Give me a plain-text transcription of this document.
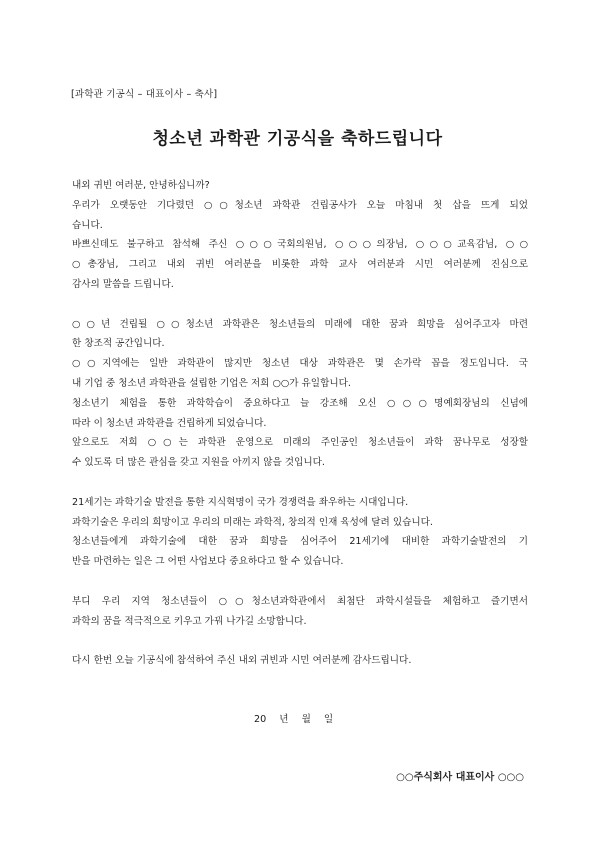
[과학관 기공식 – 대표이사 – 축사]
청소년 과학관 기공식을 축하드립니다
내외 귀빈 여러분, 안녕하십니까?
우리가 오랫동안 기다렸던 ○○청소년 과학관 건립공사가 오늘 마침내 첫 삽을 뜨게 되었
습니다.
바쁘신데도 불구하고 참석해 주신 ○○○국회의원님, ○○○의장님, ○○○교육감님, ○○
○총장님, 그리고 내외 귀빈 여러분을 비롯한 과학 교사 여러분과 시민 여러분께 진심으로
감사의 말씀을 드립니다.
○○년 건립될 ○○청소년 과학관은 청소년들의 미래에 대한 꿈과 희망을 심어주고자 마련
한 창조적 공간입니다.
○○지역에는 일반 과학관이 많지만 청소년 대상 과학관은 몇 손가락 꼽을 정도입니다. 국
내 기업 중 청소년 과학관을 설립한 기업은 저희 ○○가 유일합니다.
청소년기 체험을 통한 과학학습이 중요하다고 늘 강조해 오신 ○○○명예회장님의 신념에
따라 이 청소년 과학관을 건립하게 되었습니다.
앞으로도 저희 ○○는 과학관 운영으로 미래의 주인공인 청소년들이 과학 꿈나무로 성장할
수 있도록 더 많은 관심을 갖고 지원을 아끼지 않을 것입니다.
21세기는 과학기술 발전을 통한 지식혁명이 국가 경쟁력을 좌우하는 시대입니다.
과학기술은 우리의 희망이고 우리의 미래는 과학적, 창의적 인재 육성에 달려 있습니다.
청소년들에게 과학기술에 대한 꿈과 희망을 심어주어 21세기에 대비한 과학기술발전의 기
반을 마련하는 일은 그 어떤 사업보다 중요하다고 할 수 있습니다.
부디 우리 지역 청소년들이 ○○청소년과학관에서 최첨단 과학시설들을 체험하고 즐기면서
과학의 꿈을 적극적으로 키우고 가꿔 나가길 소망합니다.
다시 한번 오늘 기공식에 참석하여 주신 내외 귀빈과 시민 여러분께 감사드립니다.
20 년 월 일
○○주식회사 대표이사 ○○○
